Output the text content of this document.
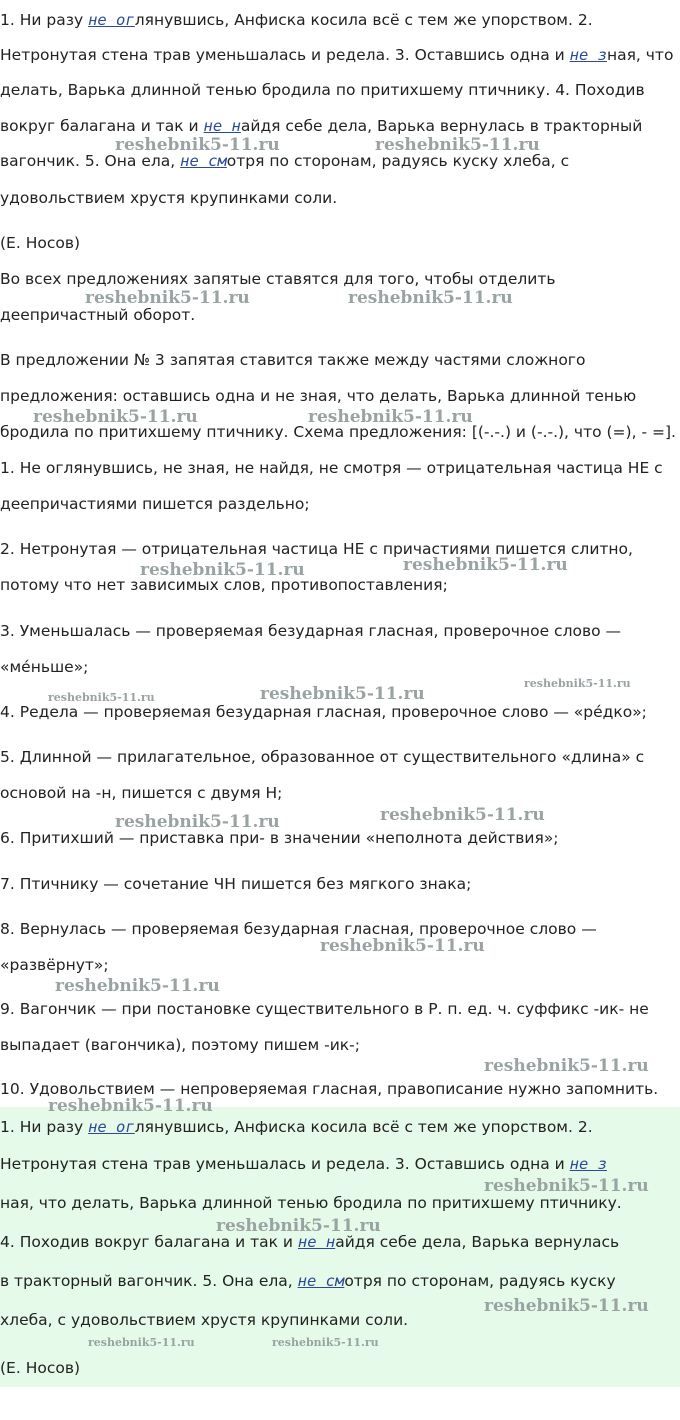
1. Ни разу не оглянувшись, Анфиска косила всё с тем же упорством. 2.
Нетронутая стена трав уменьшалась и редела. 3. Оставшись одна и не зная, что
делать, Варька длинной тенью бродила по притихшему птичнику. 4. Походив
вокруг балагана и так и не найдя себе дела, Варька вернулась в тракторный
вагончик. 5. Она ела, не смотря по сторонам, радуясь куску хлеба, с
удовольствием хрустя крупинками соли.
(Е. Носов)
Во всех предложениях запятые ставятся для того, чтобы отделить
деепричастный оборот.
В предложении № 3 запятая ставится также между частями сложного
предложения: оставшись одна и не зная, что делать, Варька длинной тенью
бродила по притихшему птичнику. Схема предложения: [(-.-.) и (-.-.), что (=), - =].
1. Не оглянувшись, не зная, не найдя, не смотря — отрицательная частица НЕ с
деепричастиями пишется раздельно;
2. Нетронутая — отрицательная частица НЕ с причастиями пишется слитно,
потому что нет зависимых слов, противопоставления;
3. Уменьшалась — проверяемая безударная гласная, проверочное слово —
«мéньше»;
4. Редела — проверяемая безударная гласная, проверочное слово — «рéдко»;
5. Длинной — прилагательное, образованное от существительного «длина» с
основой на -н, пишется с двумя Н;
6. Притихший — приставка при- в значении «неполнота действия»;
7. Птичнику — сочетание ЧН пишется без мягкого знака;
8. Вернулась — проверяемая безударная гласная, проверочное слово —
«развёрнут»;
9. Вагончик — при постановке существительного в Р. п. ед. ч. суффикс -ик- не
выпадает (вагончика), поэтому пишем -ик-;
10. Удовольствием — непроверяемая гласная, правописание нужно запомнить.
1. Ни разу не оглянувшись, Анфиска косила всё с тем же упорством. 2.
Нетронутая стена трав уменьшалась и редела. 3. Оставшись одна и не з
ная, что делать, Варька длинной тенью бродила по притихшему птичнику.
4. Походив вокруг балагана и так и не найдя себе дела, Варька вернулась
в тракторный вагончик. 5. Она ела, не смотря по сторонам, радуясь куску
хлеба, с удовольствием хрустя крупинками соли.
(Е. Носов)
reshebnik5-11.ru	reshebnik5-11.ru
reshebnik5-11.ru	reshebnik5-11.ru
reshebnik5-11.ru	reshebnik5-11.ru
reshebnik5-11.ru	reshebnik5-11.ru
reshebnik5-11.ru	reshebnik5-11.ru
reshebnik5-11.ru
reshebnik5-11.ru	reshebnik5-11.ru
reshebnik5-11.ru
reshebnik5-11.ru
reshebnik5-11.ru
reshebnik5-11.ru
reshebnik5-11.ru
reshebnik5-11.ru
reshebnik5-11.ru
reshebnik5-11.ru	reshebnik5-11.ru
